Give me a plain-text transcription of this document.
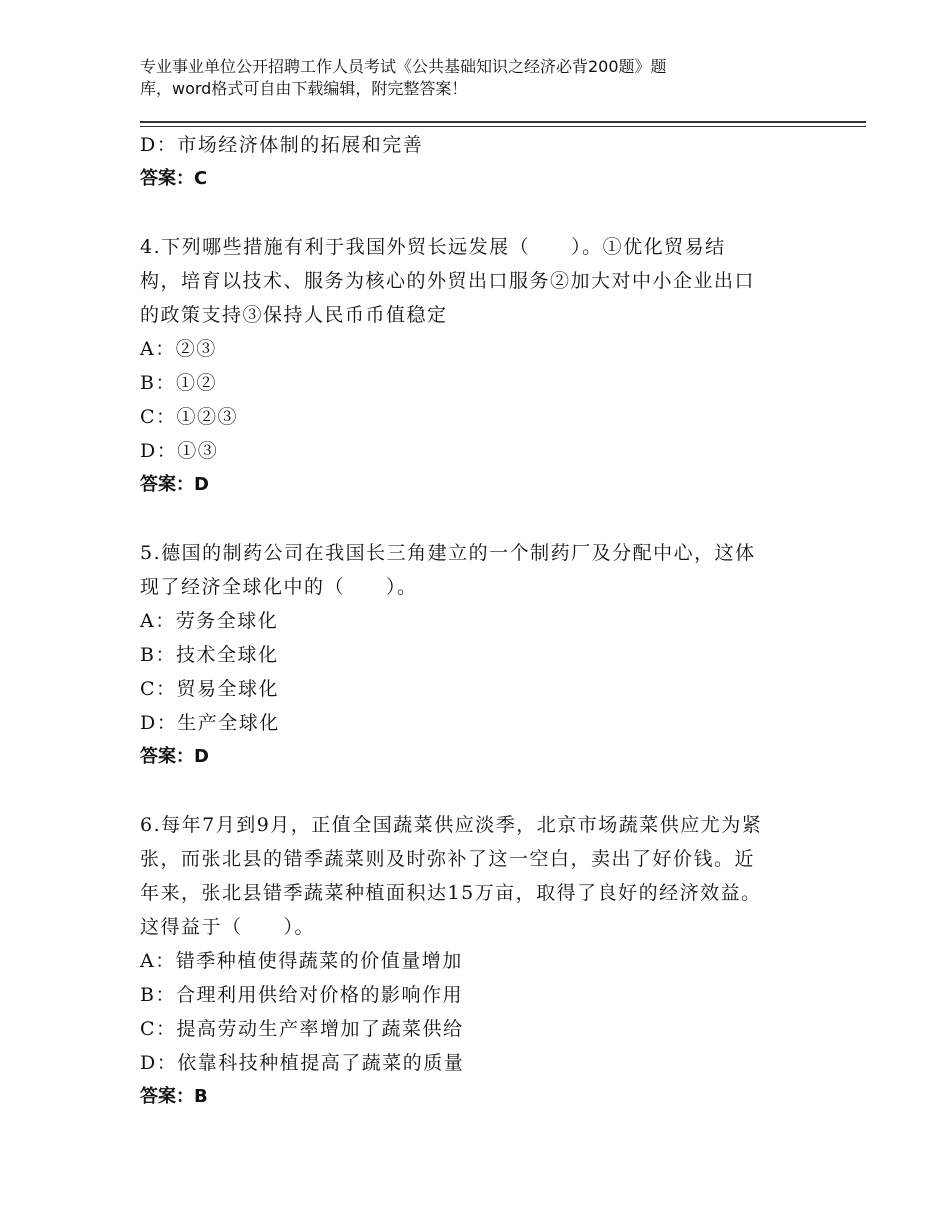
专业事业单位公开招聘工作人员考试《公共基础知识之经济必背200题》题
库，word格式可自由下载编辑，附完整答案！
D：市场经济体制的拓展和完善
答案：C
4.下列哪些措施有利于我国外贸长远发展（　　）。①优化贸易结
构，培育以技术、服务为核心的外贸出口服务②加大对中小企业出口
的政策支持③保持人民币币值稳定
A：②③
B：①②
C：①②③
D：①③
答案：D
5.德国的制药公司在我国长三角建立的一个制药厂及分配中心，这体
现了经济全球化中的（　　）。
A：劳务全球化
B：技术全球化
C：贸易全球化
D：生产全球化
答案：D
6.每年7月到9月，正值全国蔬菜供应淡季，北京市场蔬菜供应尤为紧
张，而张北县的错季蔬菜则及时弥补了这一空白，卖出了好价钱。近
年来，张北县错季蔬菜种植面积达15万亩，取得了良好的经济效益。
这得益于（　　）。
A：错季种植使得蔬菜的价值量增加
B：合理利用供给对价格的影响作用
C：提高劳动生产率增加了蔬菜供给
D：依靠科技种植提高了蔬菜的质量
答案：B
